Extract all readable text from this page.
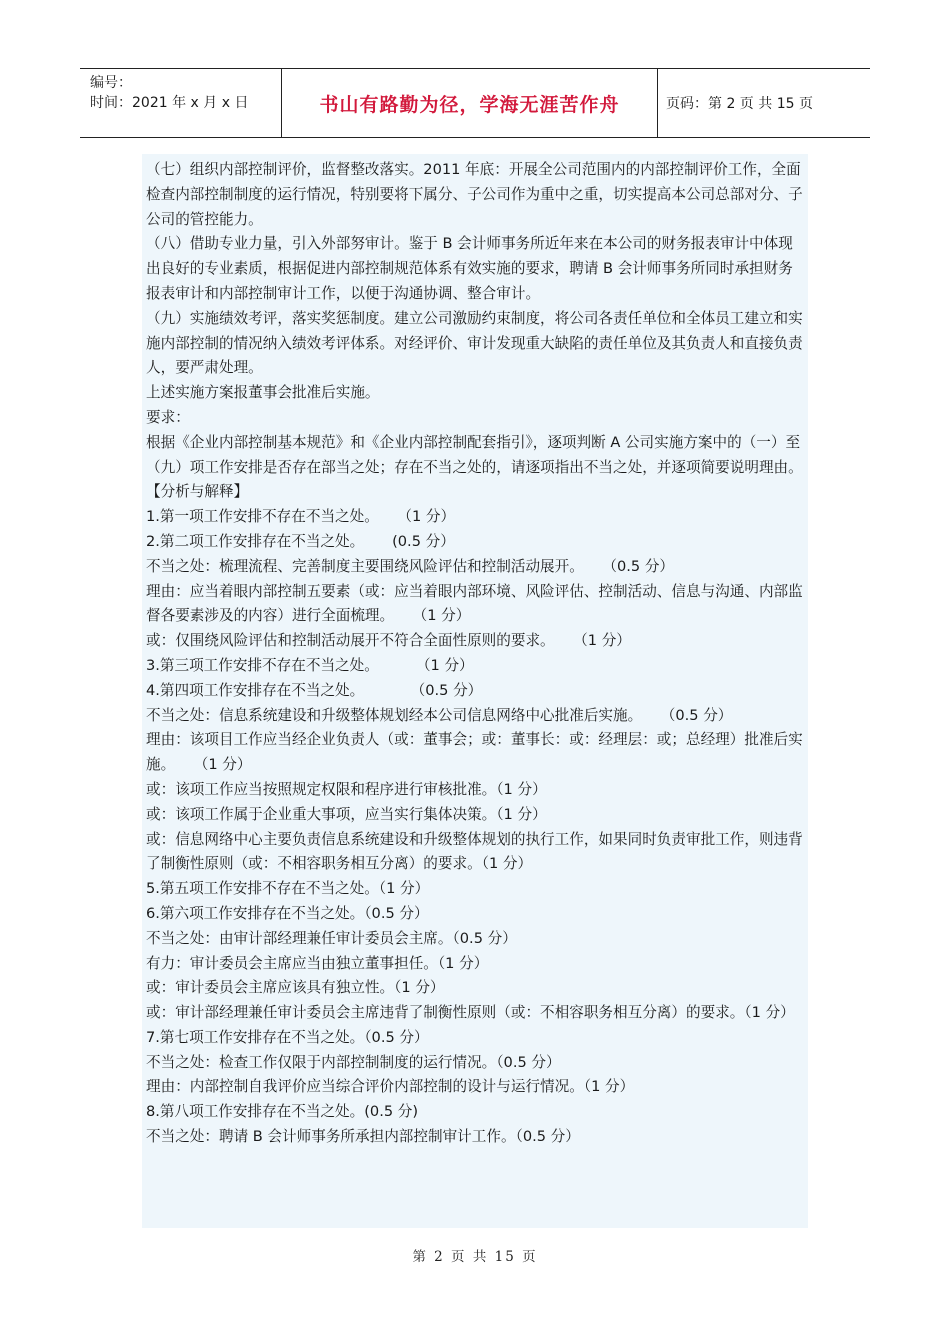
编号：
时间：2021 年 x 月 x 日	书山有路勤为径，学海无涯苦作舟	页码：第 2 页 共 15 页

（七）组织内部控制评价，监督整改落实。2011 年底：开展全公司范围内的内部控制评价工作，全面检查内部控制制度的运行情况，特别要将下属分、子公司作为重中之重，切实提高本公司总部对分、子公司的管控能力。

（八）借助专业力量，引入外部努审计。鉴于 B 会计师事务所近年来在本公司的财务报表审计中体现出良好的专业素质，根据促进内部控制规范体系有效实施的要求，聘请 B 会计师事务所同时承担财务报表审计和内部控制审计工作，以便于沟通协调、整合审计。

（九）实施绩效考评，落实奖惩制度。建立公司激励约束制度，将公司各责任单位和全体员工建立和实施内部控制的情况纳入绩效考评体系。对经评价、审计发现重大缺陷的责任单位及其负责人和直接负责人，要严肃处理。

上述实施方案报董事会批准后实施。

要求：

根据《企业内部控制基本规范》和《企业内部控制配套指引》，逐项判断 A 公司实施方案中的（一）至（九）项工作安排是否存在部当之处；存在不当之处的，请逐项指出不当之处，并逐项简要说明理由。

【分析与解释】

1.第一项工作安排不存在不当之处。    （1 分）

2.第二项工作安排存在不当之处。      (0.5 分）

不当之处：梳理流程、完善制度主要围绕风险评估和控制活动展开。    （0.5 分）

理由：应当着眼内部控制五要素（或：应当着眼内部环境、风险评估、控制活动、信息与沟通、内部监督各要素涉及的内容）进行全面梳理。    （1 分）

或：仅围绕风险评估和控制活动展开不符合全面性原则的要求。    （1 分）

3.第三项工作安排不存在不当之处。        （1 分）

4.第四项工作安排存在不当之处。          （0.5 分）

不当之处：信息系统建设和升级整体规划经本公司信息网络中心批准后实施。    （0.5 分）

理由：该项目工作应当经企业负责人（或：董事会；或：董事长：或：经理层：或；总经理）批准后实施。    （1 分）

或：该项工作应当按照规定权限和程序进行审核批准。（1 分）

或：该项工作属于企业重大事项，应当实行集体决策。（1 分）

或：信息网络中心主要负责信息系统建设和升级整体规划的执行工作，如果同时负责审批工作，则违背了制衡性原则（或：不相容职务相互分离）的要求。（1 分）

5.第五项工作安排不存在不当之处。（1 分）

6.第六项工作安排存在不当之处。（0.5 分）

不当之处：由审计部经理兼任审计委员会主席。（0.5 分）

有力：审计委员会主席应当由独立董事担任。（1 分）

或：审计委员会主席应该具有独立性。（1 分）

或：审计部经理兼任审计委员会主席违背了制衡性原则（或：不相容职务相互分离）的要求。（1 分）

7.第七项工作安排存在不当之处。（0.5 分）

不当之处：检查工作仅限于内部控制制度的运行情况。（0.5 分）

理由：内部控制自我评价应当综合评价内部控制的设计与运行情况。（1 分）

8.第八项工作安排存在不当之处。(0.5 分)

不当之处：聘请 B 会计师事务所承担内部控制审计工作。（0.5 分）

第 2 页 共 15 页
